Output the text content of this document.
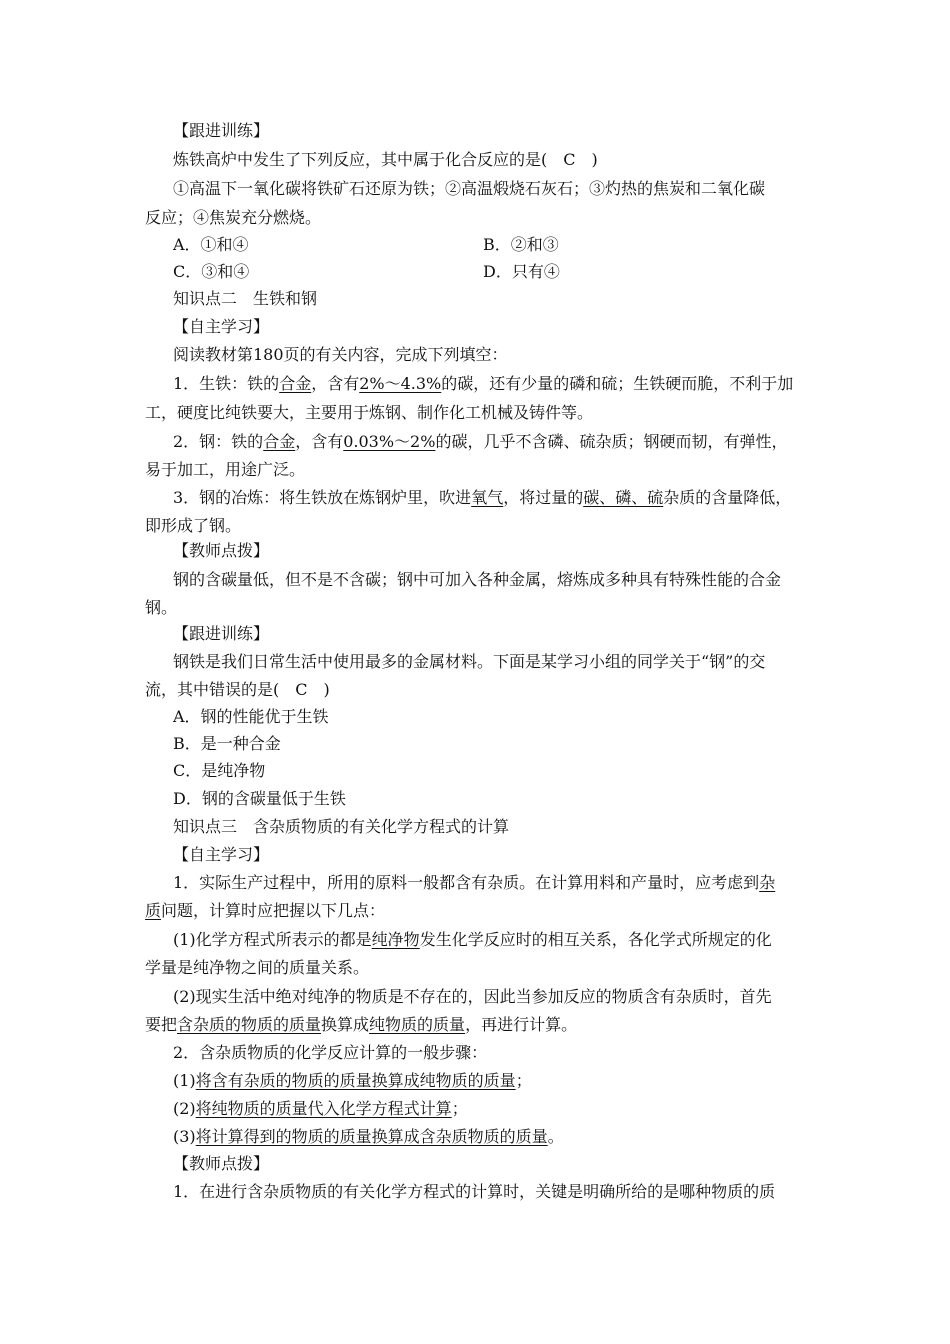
【跟进训练】
炼铁高炉中发生了下列反应，其中属于化合反应的是(　C　)
①高温下一氧化碳将铁矿石还原为铁；②高温煅烧石灰石；③灼热的焦炭和二氧化碳
反应；④焦炭充分燃烧。
A．①和④	B．②和③
C．③和④	D．只有④
知识点二　生铁和钢
【自主学习】
阅读教材第180页的有关内容，完成下列填空：
1．生铁：铁的合金，含有2%～4.3%的碳，还有少量的磷和硫；生铁硬而脆，不利于加
工，硬度比纯铁要大，主要用于炼钢、制作化工机械及铸件等。
2．钢：铁的合金，含有0.03%～2%的碳，几乎不含磷、硫杂质；钢硬而韧，有弹性，
易于加工，用途广泛。
3．钢的冶炼：将生铁放在炼钢炉里，吹进氧气，将过量的碳、磷、硫杂质的含量降低，
即形成了钢。
【教师点拨】
钢的含碳量低，但不是不含碳；钢中可加入各种金属，熔炼成多种具有特殊性能的合金
钢。
【跟进训练】
钢铁是我们日常生活中使用最多的金属材料。下面是某学习小组的同学关于“钢”的交
流，其中错误的是(　C　)
A．钢的性能优于生铁
B．是一种合金
C．是纯净物
D．钢的含碳量低于生铁
知识点三　含杂质物质的有关化学方程式的计算
【自主学习】
1．实际生产过程中，所用的原料一般都含有杂质。在计算用料和产量时，应考虑到杂
质问题，计算时应把握以下几点：
(1)化学方程式所表示的都是纯净物发生化学反应时的相互关系，各化学式所规定的化
学量是纯净物之间的质量关系。
(2)现实生活中绝对纯净的物质是不存在的，因此当参加反应的物质含有杂质时，首先
要把含杂质的物质的质量换算成纯物质的质量，再进行计算。
2．含杂质物质的化学反应计算的一般步骤：
(1)将含有杂质的物质的质量换算成纯物质的质量；
(2)将纯物质的质量代入化学方程式计算；
(3)将计算得到的物质的质量换算成含杂质物质的质量。
【教师点拨】
1．在进行含杂质物质的有关化学方程式的计算时，关键是明确所给的是哪种物质的质
